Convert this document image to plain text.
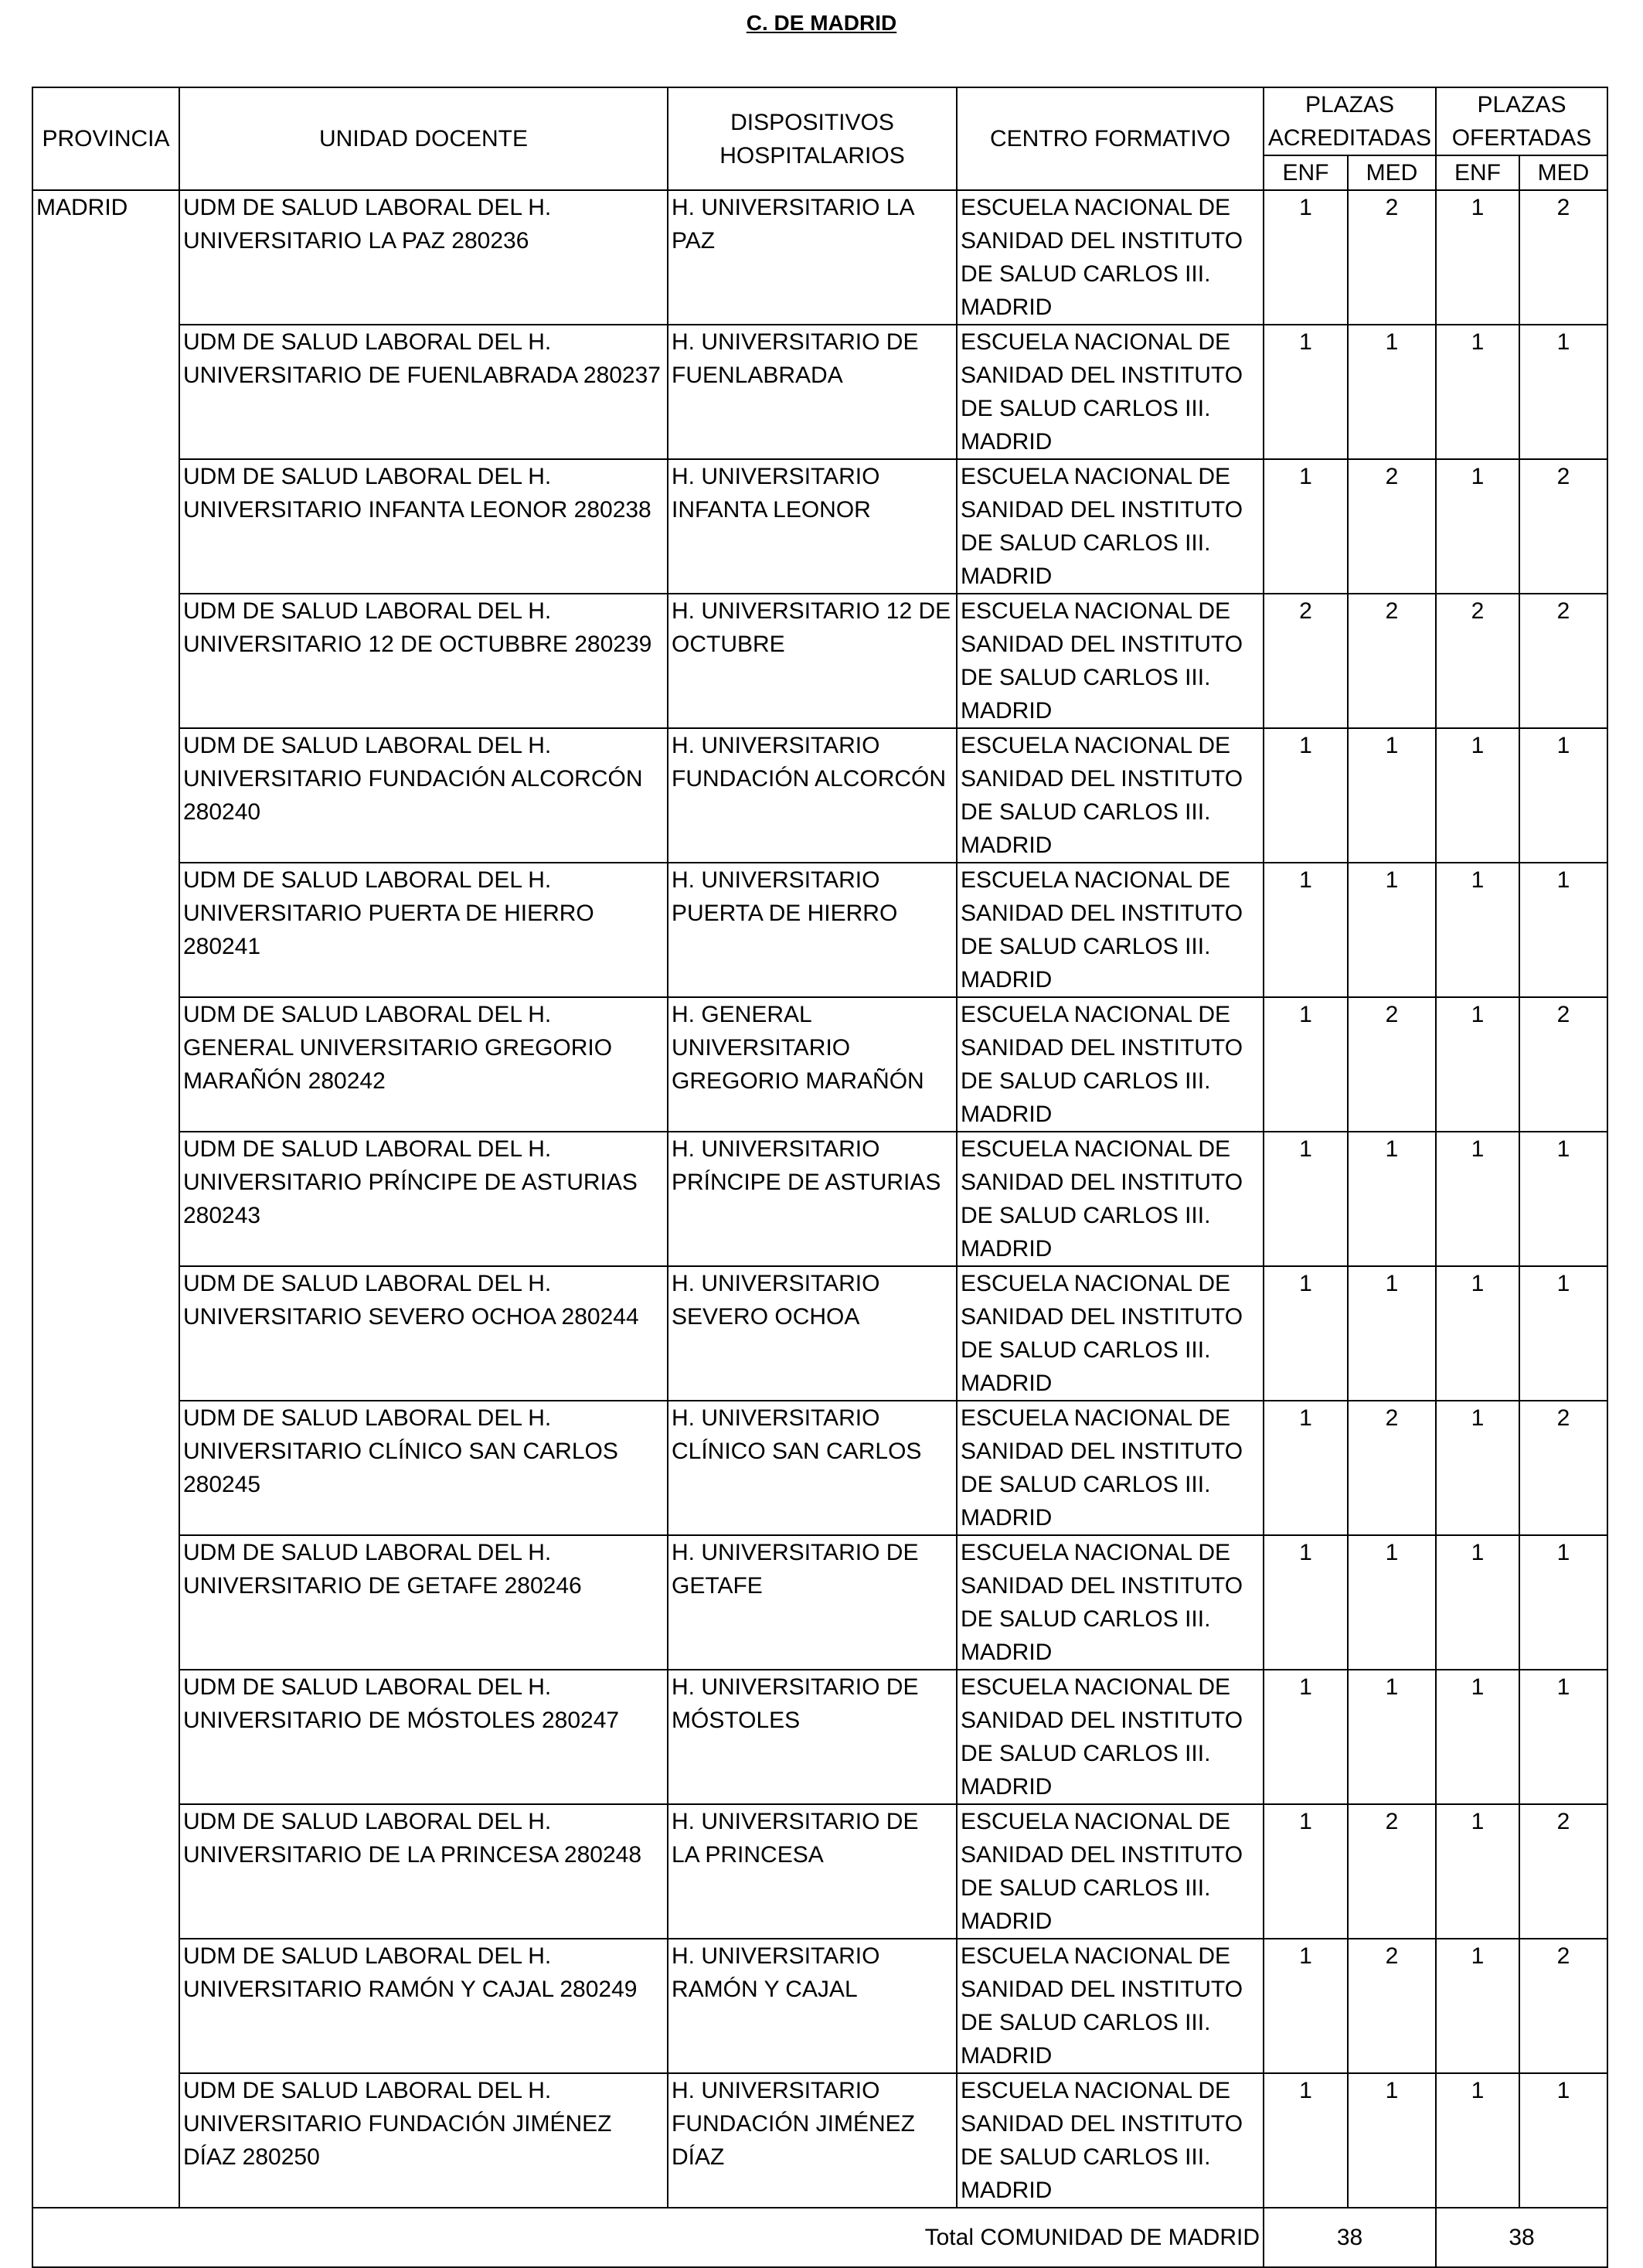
C. DE MADRID
PROVINCIA	UNIDAD DOCENTE	DISPOSITIVOS HOSPITALARIOS	CENTRO FORMATIVO	PLAZAS ACREDITADAS		PLAZAS OFERTADAS	
				ENF	MED	ENF	MED
MADRID	UDM DE SALUD LABORAL DEL H. UNIVERSITARIO LA PAZ 280236	H. UNIVERSITARIO LA PAZ	ESCUELA NACIONAL DE SANIDAD DEL INSTITUTO DE SALUD CARLOS III. MADRID	1	2	1	2
	UDM DE SALUD LABORAL DEL H. UNIVERSITARIO DE FUENLABRADA 280237	H. UNIVERSITARIO DE FUENLABRADA	ESCUELA NACIONAL DE SANIDAD DEL INSTITUTO DE SALUD CARLOS III. MADRID	1	1	1	1
	UDM DE SALUD LABORAL DEL H. UNIVERSITARIO INFANTA LEONOR 280238	H. UNIVERSITARIO INFANTA LEONOR	ESCUELA NACIONAL DE SANIDAD DEL INSTITUTO DE SALUD CARLOS III. MADRID	1	2	1	2
	UDM DE SALUD LABORAL DEL H. UNIVERSITARIO 12 DE OCTUBBRE 280239	H. UNIVERSITARIO 12 DE OCTUBRE	ESCUELA NACIONAL DE SANIDAD DEL INSTITUTO DE SALUD CARLOS III. MADRID	2	2	2	2
	UDM DE SALUD LABORAL DEL H. UNIVERSITARIO FUNDACIÓN ALCORCÓN 280240	H. UNIVERSITARIO FUNDACIÓN ALCORCÓN	ESCUELA NACIONAL DE SANIDAD DEL INSTITUTO DE SALUD CARLOS III. MADRID	1	1	1	1
	UDM DE SALUD LABORAL DEL H. UNIVERSITARIO PUERTA DE HIERRO 280241	H. UNIVERSITARIO PUERTA DE HIERRO	ESCUELA NACIONAL DE SANIDAD DEL INSTITUTO DE SALUD CARLOS III. MADRID	1	1	1	1
	UDM DE SALUD LABORAL DEL H. GENERAL UNIVERSITARIO GREGORIO MARAÑÓN 280242	H. GENERAL UNIVERSITARIO GREGORIO MARAÑÓN	ESCUELA NACIONAL DE SANIDAD DEL INSTITUTO DE SALUD CARLOS III. MADRID	1	2	1	2
	UDM DE SALUD LABORAL DEL H. UNIVERSITARIO PRÍNCIPE DE ASTURIAS 280243	H. UNIVERSITARIO PRÍNCIPE DE ASTURIAS	ESCUELA NACIONAL DE SANIDAD DEL INSTITUTO DE SALUD CARLOS III. MADRID	1	1	1	1
	UDM DE SALUD LABORAL DEL H. UNIVERSITARIO SEVERO OCHOA 280244	H. UNIVERSITARIO SEVERO OCHOA	ESCUELA NACIONAL DE SANIDAD DEL INSTITUTO DE SALUD CARLOS III. MADRID	1	1	1	1
	UDM DE SALUD LABORAL DEL H. UNIVERSITARIO CLÍNICO SAN CARLOS 280245	H. UNIVERSITARIO CLÍNICO SAN CARLOS	ESCUELA NACIONAL DE SANIDAD DEL INSTITUTO DE SALUD CARLOS III. MADRID	1	2	1	2
	UDM DE SALUD LABORAL DEL H. UNIVERSITARIO DE GETAFE 280246	H. UNIVERSITARIO DE GETAFE	ESCUELA NACIONAL DE SANIDAD DEL INSTITUTO DE SALUD CARLOS III. MADRID	1	1	1	1
	UDM DE SALUD LABORAL DEL H. UNIVERSITARIO DE MÓSTOLES 280247	H. UNIVERSITARIO DE MÓSTOLES	ESCUELA NACIONAL DE SANIDAD DEL INSTITUTO DE SALUD CARLOS III. MADRID	1	1	1	1
	UDM DE SALUD LABORAL DEL H. UNIVERSITARIO DE LA PRINCESA 280248	H. UNIVERSITARIO DE LA PRINCESA	ESCUELA NACIONAL DE SANIDAD DEL INSTITUTO DE SALUD CARLOS III. MADRID	1	2	1	2
	UDM DE SALUD LABORAL DEL H. UNIVERSITARIO RAMÓN Y CAJAL 280249	H. UNIVERSITARIO RAMÓN Y CAJAL	ESCUELA NACIONAL DE SANIDAD DEL INSTITUTO DE SALUD CARLOS III. MADRID	1	2	1	2
	UDM DE SALUD LABORAL DEL H. UNIVERSITARIO FUNDACIÓN JIMÉNEZ DÍAZ 280250	H. UNIVERSITARIO FUNDACIÓN JIMÉNEZ DÍAZ	ESCUELA NACIONAL DE SANIDAD DEL INSTITUTO DE SALUD CARLOS III. MADRID	1	1	1	1
Total COMUNIDAD DE MADRID				38		38	
